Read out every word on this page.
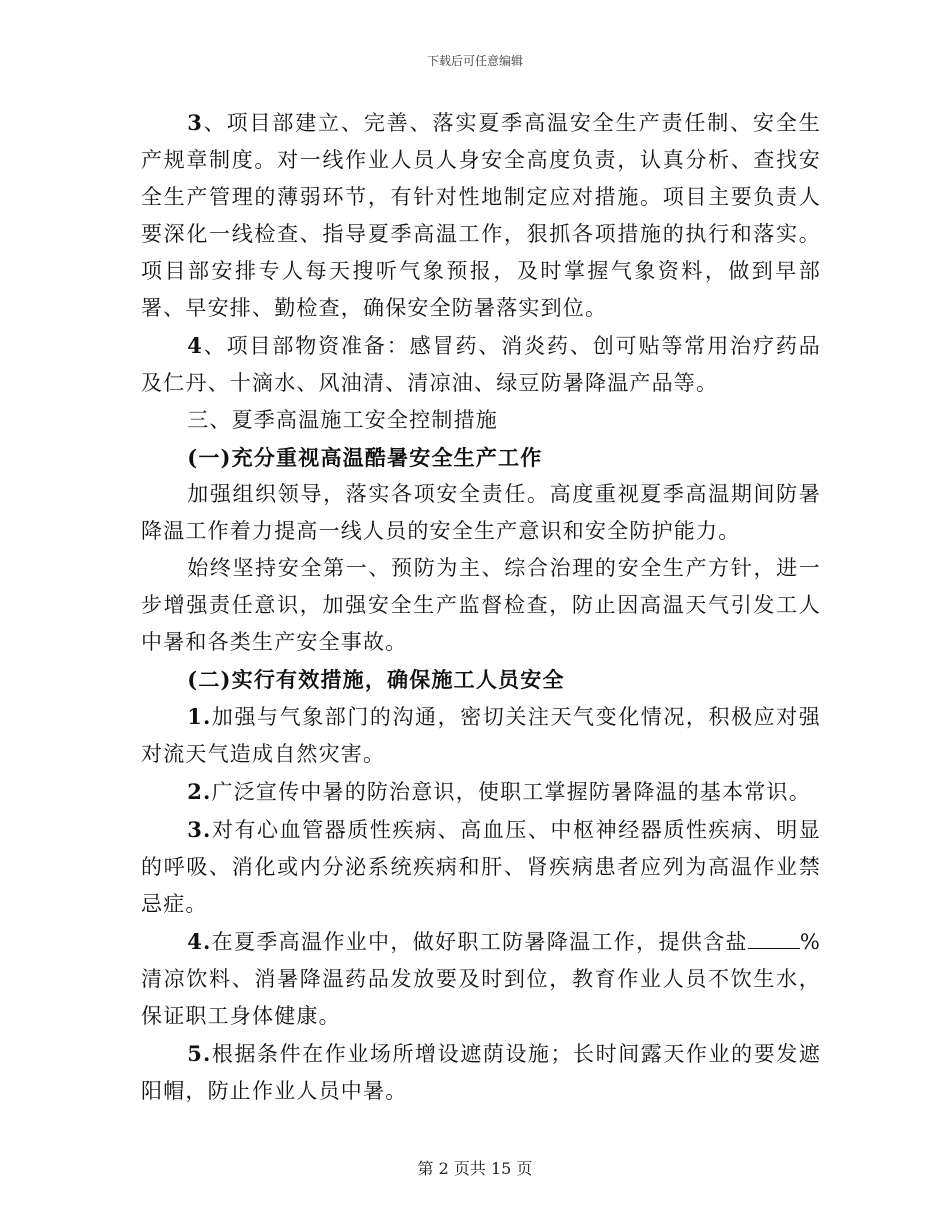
下载后可任意编辑

3、项目部建立、完善、落实夏季高温安全生产责任制、安全生产规章制度。对一线作业人员人身安全高度负责，认真分析、查找安全生产管理的薄弱环节，有针对性地制定应对措施。项目主要负责人要深化一线检查、指导夏季高温工作，狠抓各项措施的执行和落实。项目部安排专人每天搜听气象预报，及时掌握气象资料，做到早部署、早安排、勤检查，确保安全防暑落实到位。

4、项目部物资准备：感冒药、消炎药、创可贴等常用治疗药品及仁丹、十滴水、风油清、清凉油、绿豆防暑降温产品等。

三、夏季高温施工安全控制措施

(一)充分重视高温酷暑安全生产工作

加强组织领导，落实各项安全责任。高度重视夏季高温期间防暑降温工作着力提高一线人员的安全生产意识和安全防护能力。

始终坚持安全第一、预防为主、综合治理的安全生产方针，进一步增强责任意识，加强安全生产监督检查，防止因高温天气引发工人中暑和各类生产安全事故。

(二)实行有效措施，确保施工人员安全

1.加强与气象部门的沟通，密切关注天气变化情况，积极应对强对流天气造成自然灾害。

2.广泛宣传中暑的防治意识，使职工掌握防暑降温的基本常识。

3.对有心血管器质性疾病、高血压、中枢神经器质性疾病、明显的呼吸、消化或内分泌系统疾病和肝、肾疾病患者应列为高温作业禁忌症。

4.在夏季高温作业中，做好职工防暑降温工作，提供含盐 %清凉饮料、消暑降温药品发放要及时到位，教育作业人员不饮生水，保证职工身体健康。

5.根据条件在作业场所增设遮荫设施；长时间露天作业的要发遮阳帽，防止作业人员中暑。

第 2 页共 15 页
